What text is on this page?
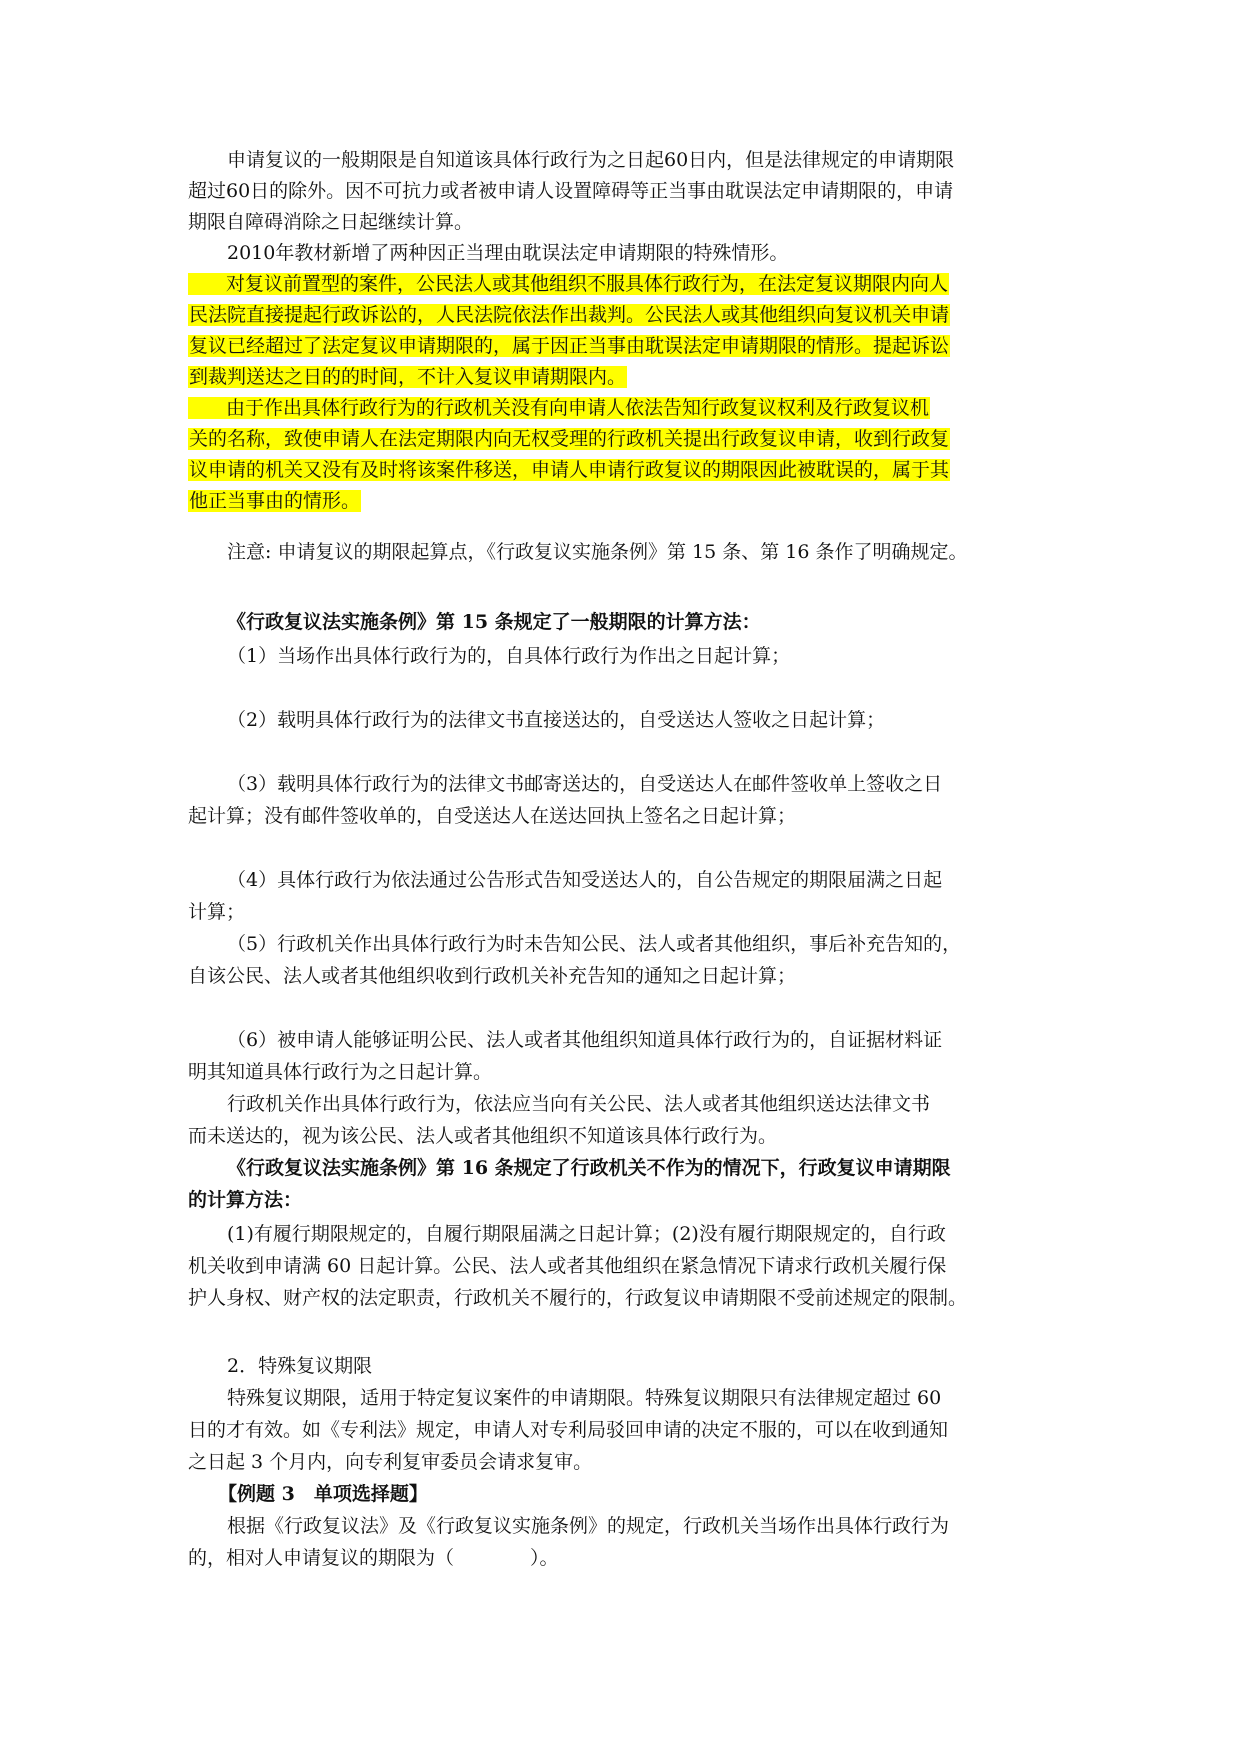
申请复议的一般期限是自知道该具体行政行为之日起60日内，但是法律规定的申请期限
超过60日的除外。因不可抗力或者被申请人设置障碍等正当事由耽误法定申请期限的，申请
期限自障碍消除之日起继续计算。
2010年教材新增了两种因正当理由耽误法定申请期限的特殊情形。
对复议前置型的案件，公民法人或其他组织不服具体行政行为，在法定复议期限内向人
民法院直接提起行政诉讼的，人民法院依法作出裁判。公民法人或其他组织向复议机关申请
复议已经超过了法定复议申请期限的，属于因正当事由耽误法定申请期限的情形。提起诉讼
到裁判送达之日的的时间，不计入复议申请期限内。
由于作出具体行政行为的行政机关没有向申请人依法告知行政复议权利及行政复议机
关的名称，致使申请人在法定期限内向无权受理的行政机关提出行政复议申请，收到行政复
议申请的机关又没有及时将该案件移送，申请人申请行政复议的期限因此被耽误的，属于其
他正当事由的情形。
注意: 申请复议的期限起算点，《行政复议实施条例》第 15 条、第 16 条作了明确规定。
《行政复议法实施条例》第 15 条规定了一般期限的计算方法：
（1）当场作出具体行政行为的，自具体行政行为作出之日起计算；
（2）载明具体行政行为的法律文书直接送达的，自受送达人签收之日起计算；
（3）载明具体行政行为的法律文书邮寄送达的，自受送达人在邮件签收单上签收之日
起计算；没有邮件签收单的，自受送达人在送达回执上签名之日起计算；
（4）具体行政行为依法通过公告形式告知受送达人的，自公告规定的期限届满之日起
计算；
（5）行政机关作出具体行政行为时未告知公民、法人或者其他组织，事后补充告知的，
自该公民、法人或者其他组织收到行政机关补充告知的通知之日起计算；
（6）被申请人能够证明公民、法人或者其他组织知道具体行政行为的，自证据材料证
明其知道具体行政行为之日起计算。
行政机关作出具体行政行为，依法应当向有关公民、法人或者其他组织送达法律文书
而未送达的，视为该公民、法人或者其他组织不知道该具体行政行为。
《行政复议法实施条例》第 16 条规定了行政机关不作为的情况下，行政复议申请期限
的计算方法：
(1)有履行期限规定的，自履行期限届满之日起计算；(2)没有履行期限规定的，自行政
机关收到申请满 60 日起计算。公民、法人或者其他组织在紧急情况下请求行政机关履行保
护人身权、财产权的法定职责，行政机关不履行的，行政复议申请期限不受前述规定的限制。
2．特殊复议期限
特殊复议期限，适用于特定复议案件的申请期限。特殊复议期限只有法律规定超过 60
日的才有效。如《专利法》规定，申请人对专利局驳回申请的决定不服的，可以在收到通知
之日起 3 个月内，向专利复审委员会请求复审。
【例题 3　单项选择题】
根据《行政复议法》及《行政复议实施条例》的规定，行政机关当场作出具体行政行为
的，相对人申请复议的期限为（　　　　）。
